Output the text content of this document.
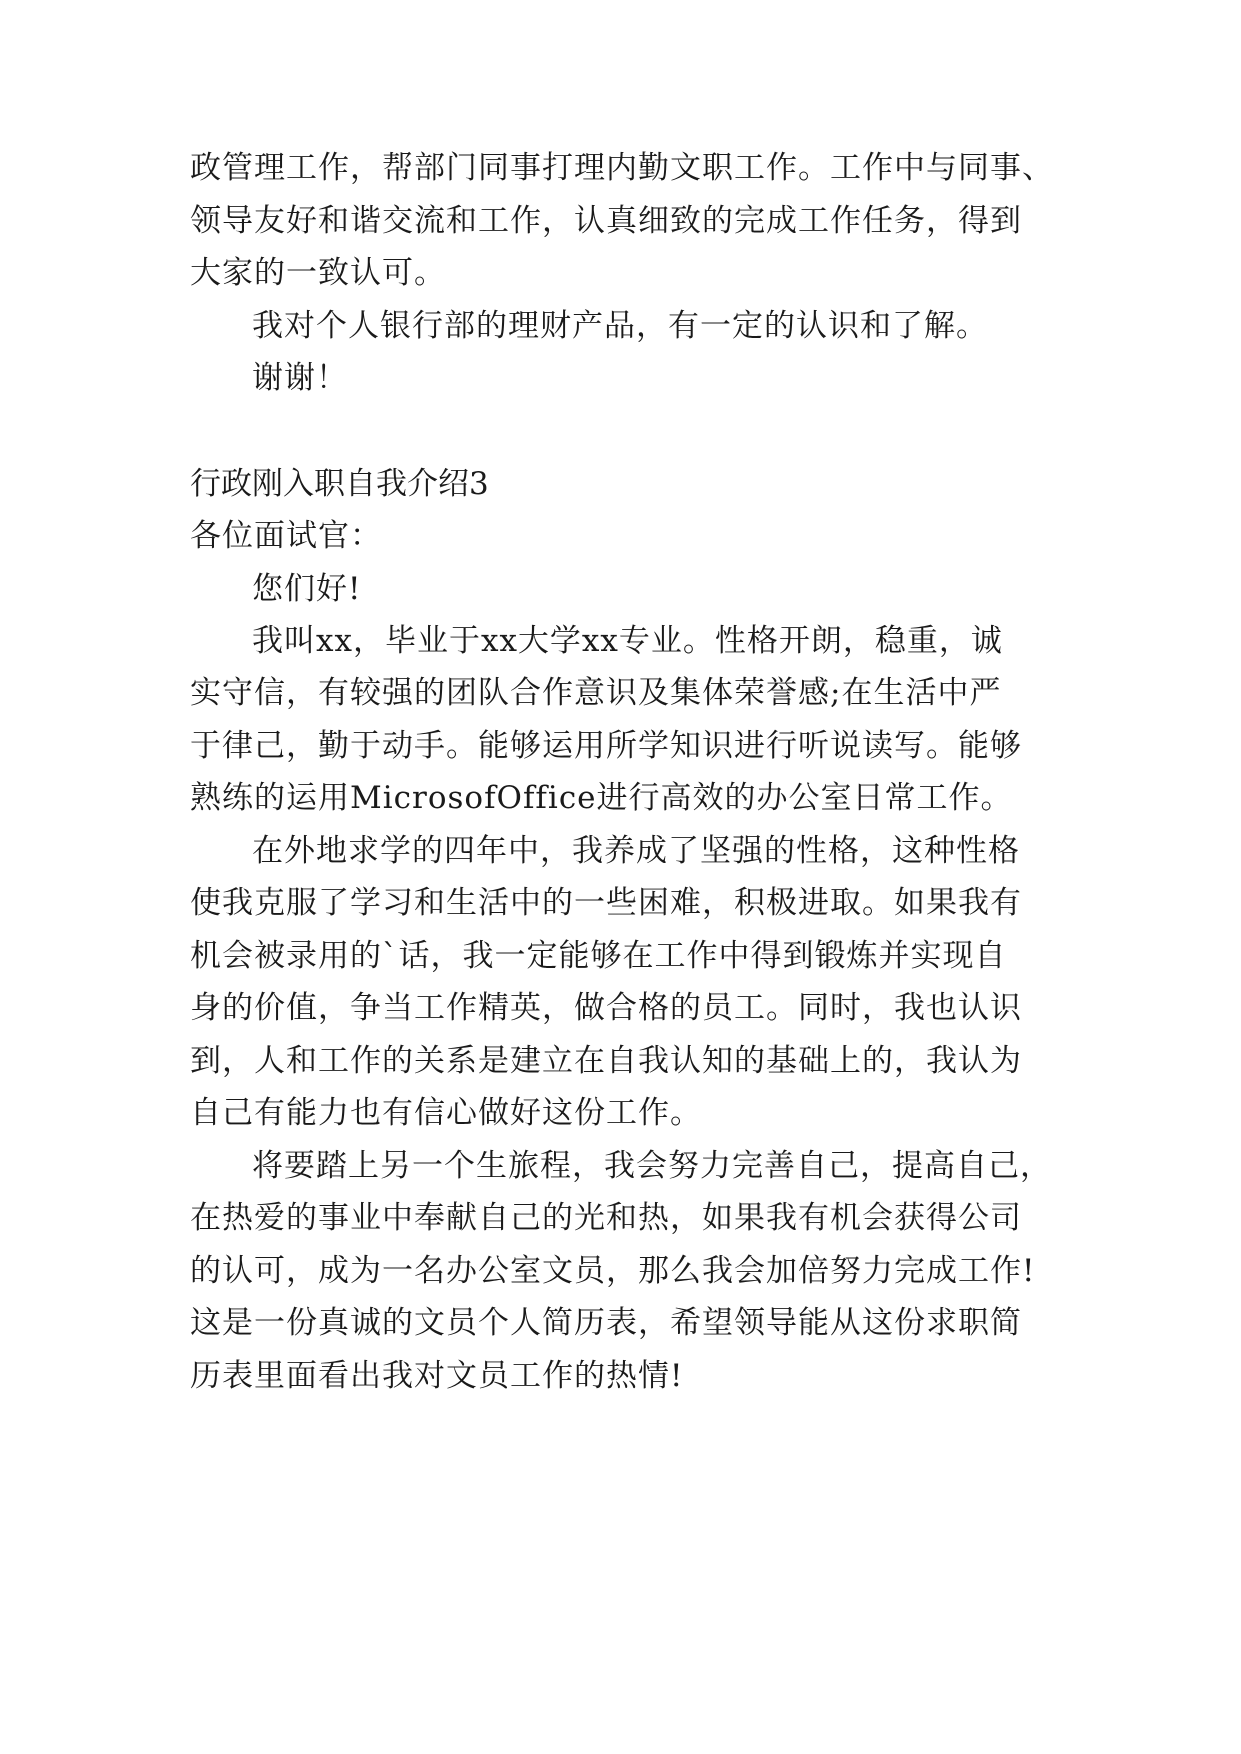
政管理工作，帮部门同事打理内勤文职工作。工作中与同事、
领导友好和谐交流和工作，认真细致的完成工作任务，得到
大家的一致认可。
我对个人银行部的理财产品，有一定的认识和了解。
谢谢！
行政刚入职自我介绍3
各位面试官：
您们好!
我叫xx，毕业于xx大学xx专业。性格开朗，稳重，诚
实守信，有较强的团队合作意识及集体荣誉感;在生活中严
于律己，勤于动手。能够运用所学知识进行听说读写。能够
熟练的运用MicrosofOffice进行高效的办公室日常工作。
在外地求学的四年中，我养成了坚强的性格，这种性格
使我克服了学习和生活中的一些困难，积极进取。如果我有
机会被录用的`话，我一定能够在工作中得到锻炼并实现自
身的价值，争当工作精英，做合格的员工。同时，我也认识
到，人和工作的关系是建立在自我认知的基础上的，我认为
自己有能力也有信心做好这份工作。
将要踏上另一个生旅程，我会努力完善自己，提高自己，
在热爱的事业中奉献自己的光和热，如果我有机会获得公司
的认可，成为一名办公室文员，那么我会加倍努力完成工作!
这是一份真诚的文员个人简历表，希望领导能从这份求职简
历表里面看出我对文员工作的热情!
